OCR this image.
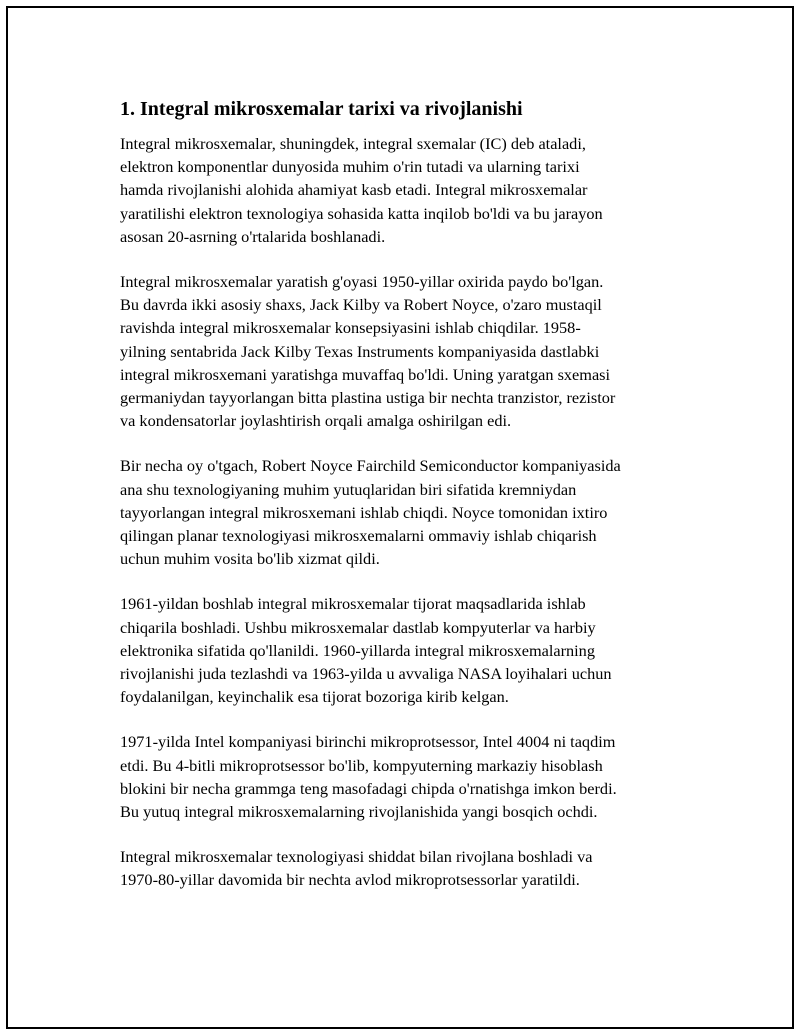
1. Integral mikrosxemalar tarixi va rivojlanishi

Integral mikrosxemalar, shuningdek, integral sxemalar (IC) deb ataladi,
elektron komponentlar dunyosida muhim o'rin tutadi va ularning tarixi
hamda rivojlanishi alohida ahamiyat kasb etadi. Integral mikrosxemalar
yaratilishi elektron texnologiya sohasida katta inqilob bo'ldi va bu jarayon
asosan 20-asrning o'rtalarida boshlanadi.

Integral mikrosxemalar yaratish g'oyasi 1950-yillar oxirida paydo bo'lgan.
Bu davrda ikki asosiy shaxs, Jack Kilby va Robert Noyce, o'zaro mustaqil
ravishda integral mikrosxemalar konsepsiyasini ishlab chiqdilar. 1958-
yilning sentabrida Jack Kilby Texas Instruments kompaniyasida dastlabki
integral mikrosxemani yaratishga muvaffaq bo'ldi. Uning yaratgan sxemasi
germaniydan tayyorlangan bitta plastina ustiga bir nechta tranzistor, rezistor
va kondensatorlar joylashtirish orqali amalga oshirilgan edi.

Bir necha oy o'tgach, Robert Noyce Fairchild Semiconductor kompaniyasida
ana shu texnologiyaning muhim yutuqlaridan biri sifatida kremniydan
tayyorlangan integral mikrosxemani ishlab chiqdi. Noyce tomonidan ixtiro
qilingan planar texnologiyasi mikrosxemalarni ommaviy ishlab chiqarish
uchun muhim vosita bo'lib xizmat qildi.

1961-yildan boshlab integral mikrosxemalar tijorat maqsadlarida ishlab
chiqarila boshladi. Ushbu mikrosxemalar dastlab kompyuterlar va harbiy
elektronika sifatida qo'llanildi. 1960-yillarda integral mikrosxemalarning
rivojlanishi juda tezlashdi va 1963-yilda u avvaliga NASA loyihalari uchun
foydalanilgan, keyinchalik esa tijorat bozoriga kirib kelgan.

1971-yilda Intel kompaniyasi birinchi mikroprotsessor, Intel 4004 ni taqdim
etdi. Bu 4-bitli mikroprotsessor bo'lib, kompyuterning markaziy hisoblash
blokini bir necha grammga teng masofadagi chipda o'rnatishga imkon berdi.
Bu yutuq integral mikrosxemalarning rivojlanishida yangi bosqich ochdi.

Integral mikrosxemalar texnologiyasi shiddat bilan rivojlana boshladi va
1970-80-yillar davomida bir nechta avlod mikroprotsessorlar yaratildi.
